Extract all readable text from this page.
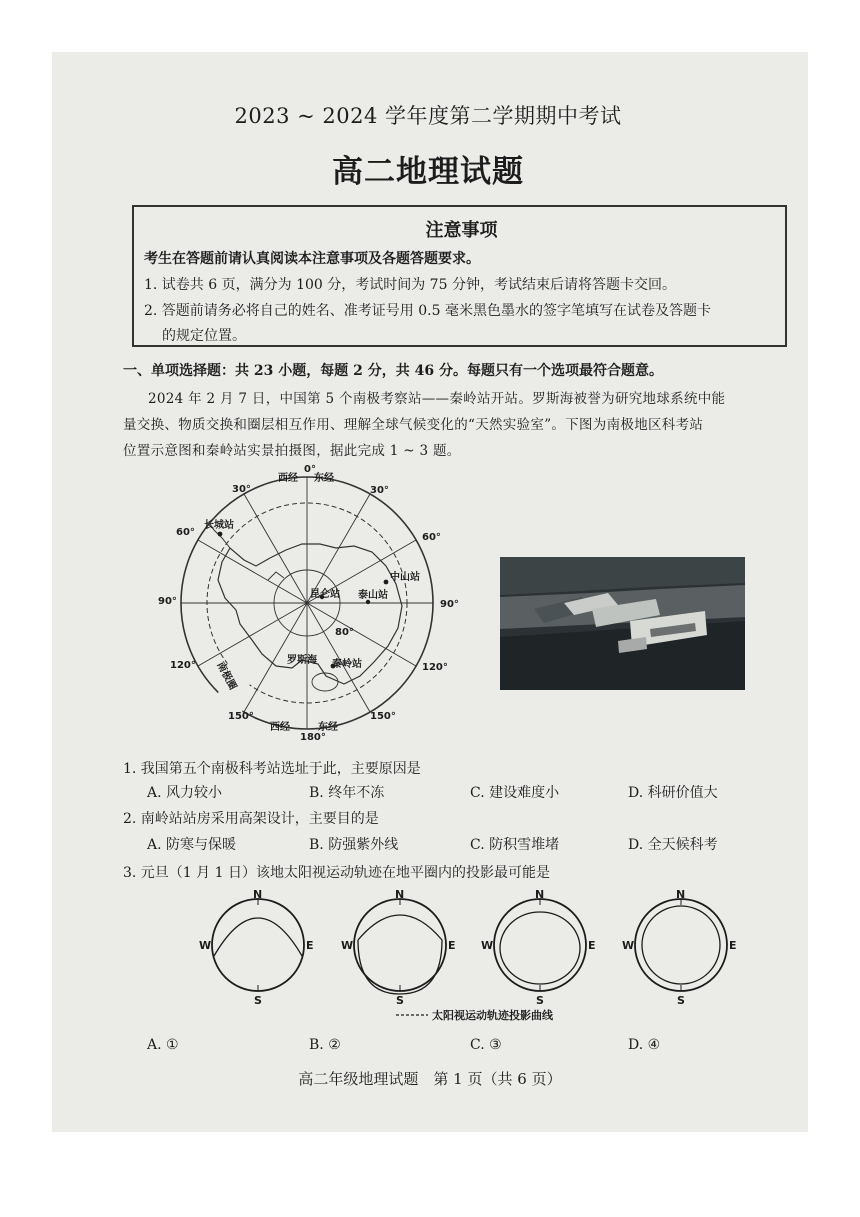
2023 ~ 2024 学年度第二学期期中考试
高二地理试题
注意事项
考生在答题前请认真阅读本注意事项及各题答题要求。
1. 试卷共 6 页，满分为 100 分，考试时间为 75 分钟，考试结束后请将答题卡交回。
2. 答题前请务必将自己的姓名、准考证号用 0.5 毫米黑色墨水的签字笔填写在试卷及答题卡
的规定位置。
一、单项选择题：共 23 小题，每题 2 分，共 46 分。每题只有一个选项最符合题意。
2024 年 2 月 7 日，中国第 5 个南极考察站——秦岭站开站。罗斯海被誉为研究地球系统中能
量交换、物质交换和圈层相互作用、理解全球气候变化的“天然实验室”。下图为南极地区科考站
位置示意图和秦岭站实景拍摄图，据此完成 1 ~ 3 题。
0°
西经 东经
30°	30°
60°	60°
90°	90°
120°	120°
150°	150°
180°
西经	东经
80°
长城站
中山站
昆仑站 泰山站
罗斯海 秦岭站
南极圈
1. 我国第五个南极科考站选址于此，主要原因是
A. 风力较小	B. 终年不冻	C. 建设难度小	D. 科研价值大
2. 南岭站站房采用高架设计，主要目的是
A. 防寒与保暖	B. 防强紫外线	C. 防积雪堆堵	D. 全天候科考
3. 元旦（1 月 1 日）该地太阳视运动轨迹在地平圈内的投影最可能是
N
S
W	E
N
S
W	E
N
S
W	E
N
S
W	E
太阳视运动轨迹投影曲线
A. ①	B. ②	C. ③	D. ④
高二年级地理试题　第 1 页（共 6 页）
